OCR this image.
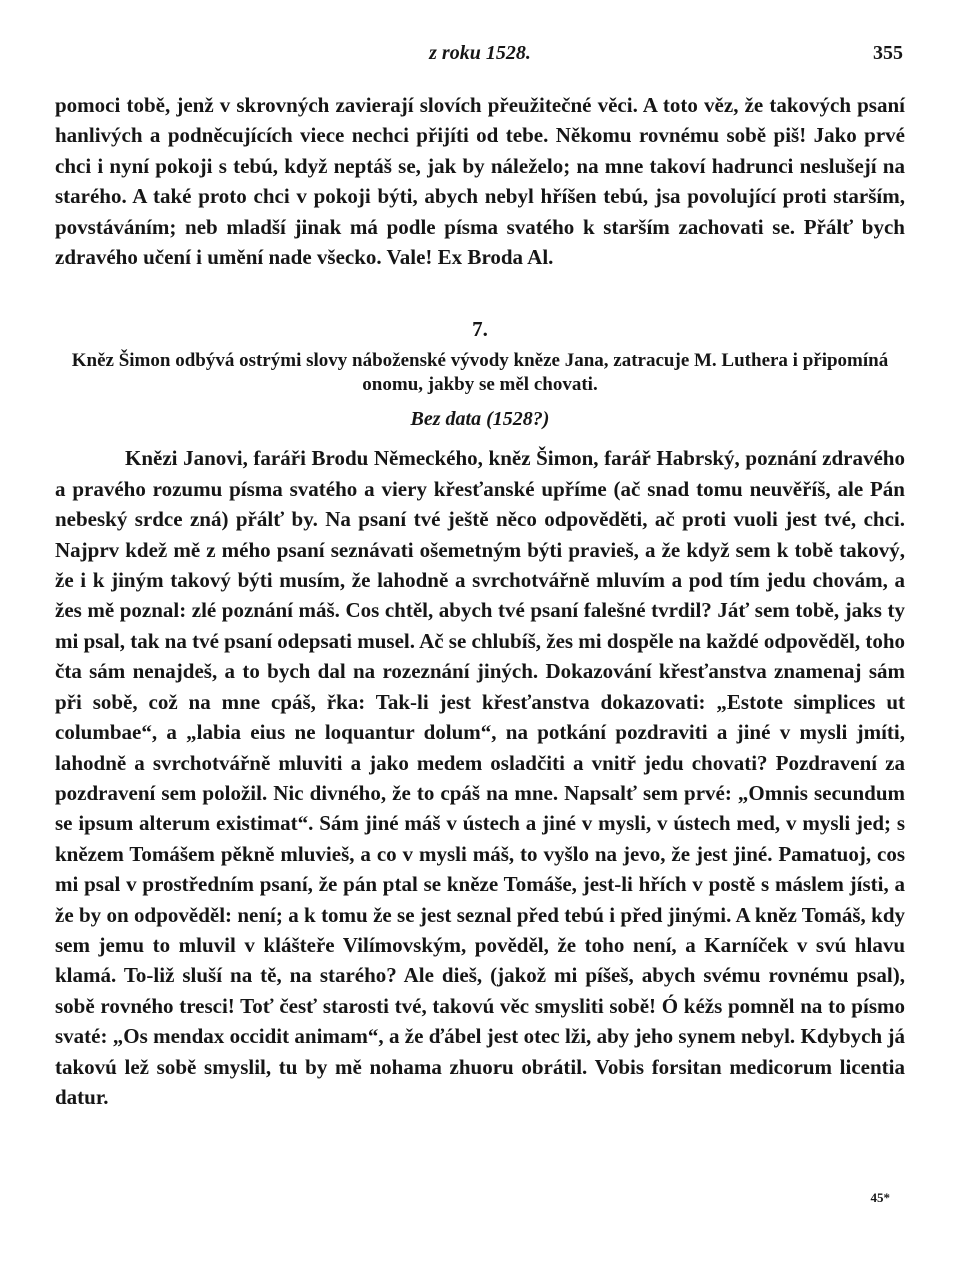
z roku 1528.	355

pomoci tobě, jenž v skrovných zavierají slovích přeužitečné věci. A toto věz, že takových psaní hanlivých a podněcujících viece nechci přijíti od tebe. Někomu rovnému sobě piš! Jako prvé chci i nyní pokoji s tebú, když neptáš se, jak by náleželo; na mne takoví hadrunci neslušejí na starého. A také proto chci v pokoji býti, abych nebyl hříšen tebú, jsa povolující proti starším, povstáváním; neb mladší jinak má podle písma svatého k starším zachovati se. Přálť bych zdravého učení i umění nade všecko. Vale! Ex Broda Al.

7.
Kněz Šimon odbývá ostrými slovy náboženské vývody kněze Jana, zatracuje M. Luthera i připomíná onomu, jakby se měl chovati.
Bez data (1528?)

Knězi Janovi, faráři Brodu Německého, kněz Šimon, farář Habrský, poznání zdravého a pravého rozumu písma svatého a viery křesťanské upříme (ač snad tomu neuvěříš, ale Pán nebeský srdce zná) přálť by. Na psaní tvé ještě něco odpověděti, ač proti vuoli jest tvé, chci. Najprv kdež mě z mého psaní seznávati ošemetným býti pravieš, a že když sem k tobě takový, že i k jiným takový býti musím, že lahodně a svrchotvářně mluvím a pod tím jedu chovám, a žes mě poznal: zlé poznání máš. Cos chtěl, abych tvé psaní falešné tvrdil? Jáť sem tobě, jaks ty mi psal, tak na tvé psaní odepsati musel. Ač se chlubíš, žes mi dospěle na každé odpověděl, toho čta sám nenajdeš, a to bych dal na rozeznání jiných. Dokazování křesťanstva znamenaj sám při sobě, což na mne cpáš, řka: Tak-li jest křesťanstva dokazovati: „Estote simplices ut columbae“, a „labia eius ne loquantur dolum“, na potkání pozdraviti a jiné v mysli jmíti, lahodně a svrchotvářně mluviti a jako medem osladčiti a vnitř jedu chovati? Pozdravení za pozdravení sem položil. Nic divného, že to cpáš na mne. Napsalť sem prvé: „Omnis secundum se ipsum alterum existimat“. Sám jiné máš v ústech a jiné v mysli, v ústech med, v mysli jed; s knězem Tomášem pěkně mluvieš, a co v mysli máš, to vyšlo na jevo, že jest jiné. Pamatuoj, cos mi psal v prostředním psaní, že pán ptal se kněze Tomáše, jest-li hřích v postě s máslem jísti, a že by on odpověděl: není; a k tomu že se jest seznal před tebú i před jinými. A kněz Tomáš, kdy sem jemu to mluvil v klášteře Vilímovským, pověděl, že toho není, a Karníček v svú hlavu klamá. To-liž sluší na tě, na starého? Ale dieš, (jakož mi píšeš, abych svému rovnému psal), sobě rovného tresci! Toť česť starosti tvé, takovú věc smysliti sobě! Ó kéžs pomněl na to písmo svaté: „Os mendax occidit animam“, a že ďábel jest otec lži, aby jeho synem nebyl. Kdybych já takovú lež sobě smyslil, tu by mě nohama zhuoru obrátil. Vobis forsitan medicorum licentia datur.

45*
